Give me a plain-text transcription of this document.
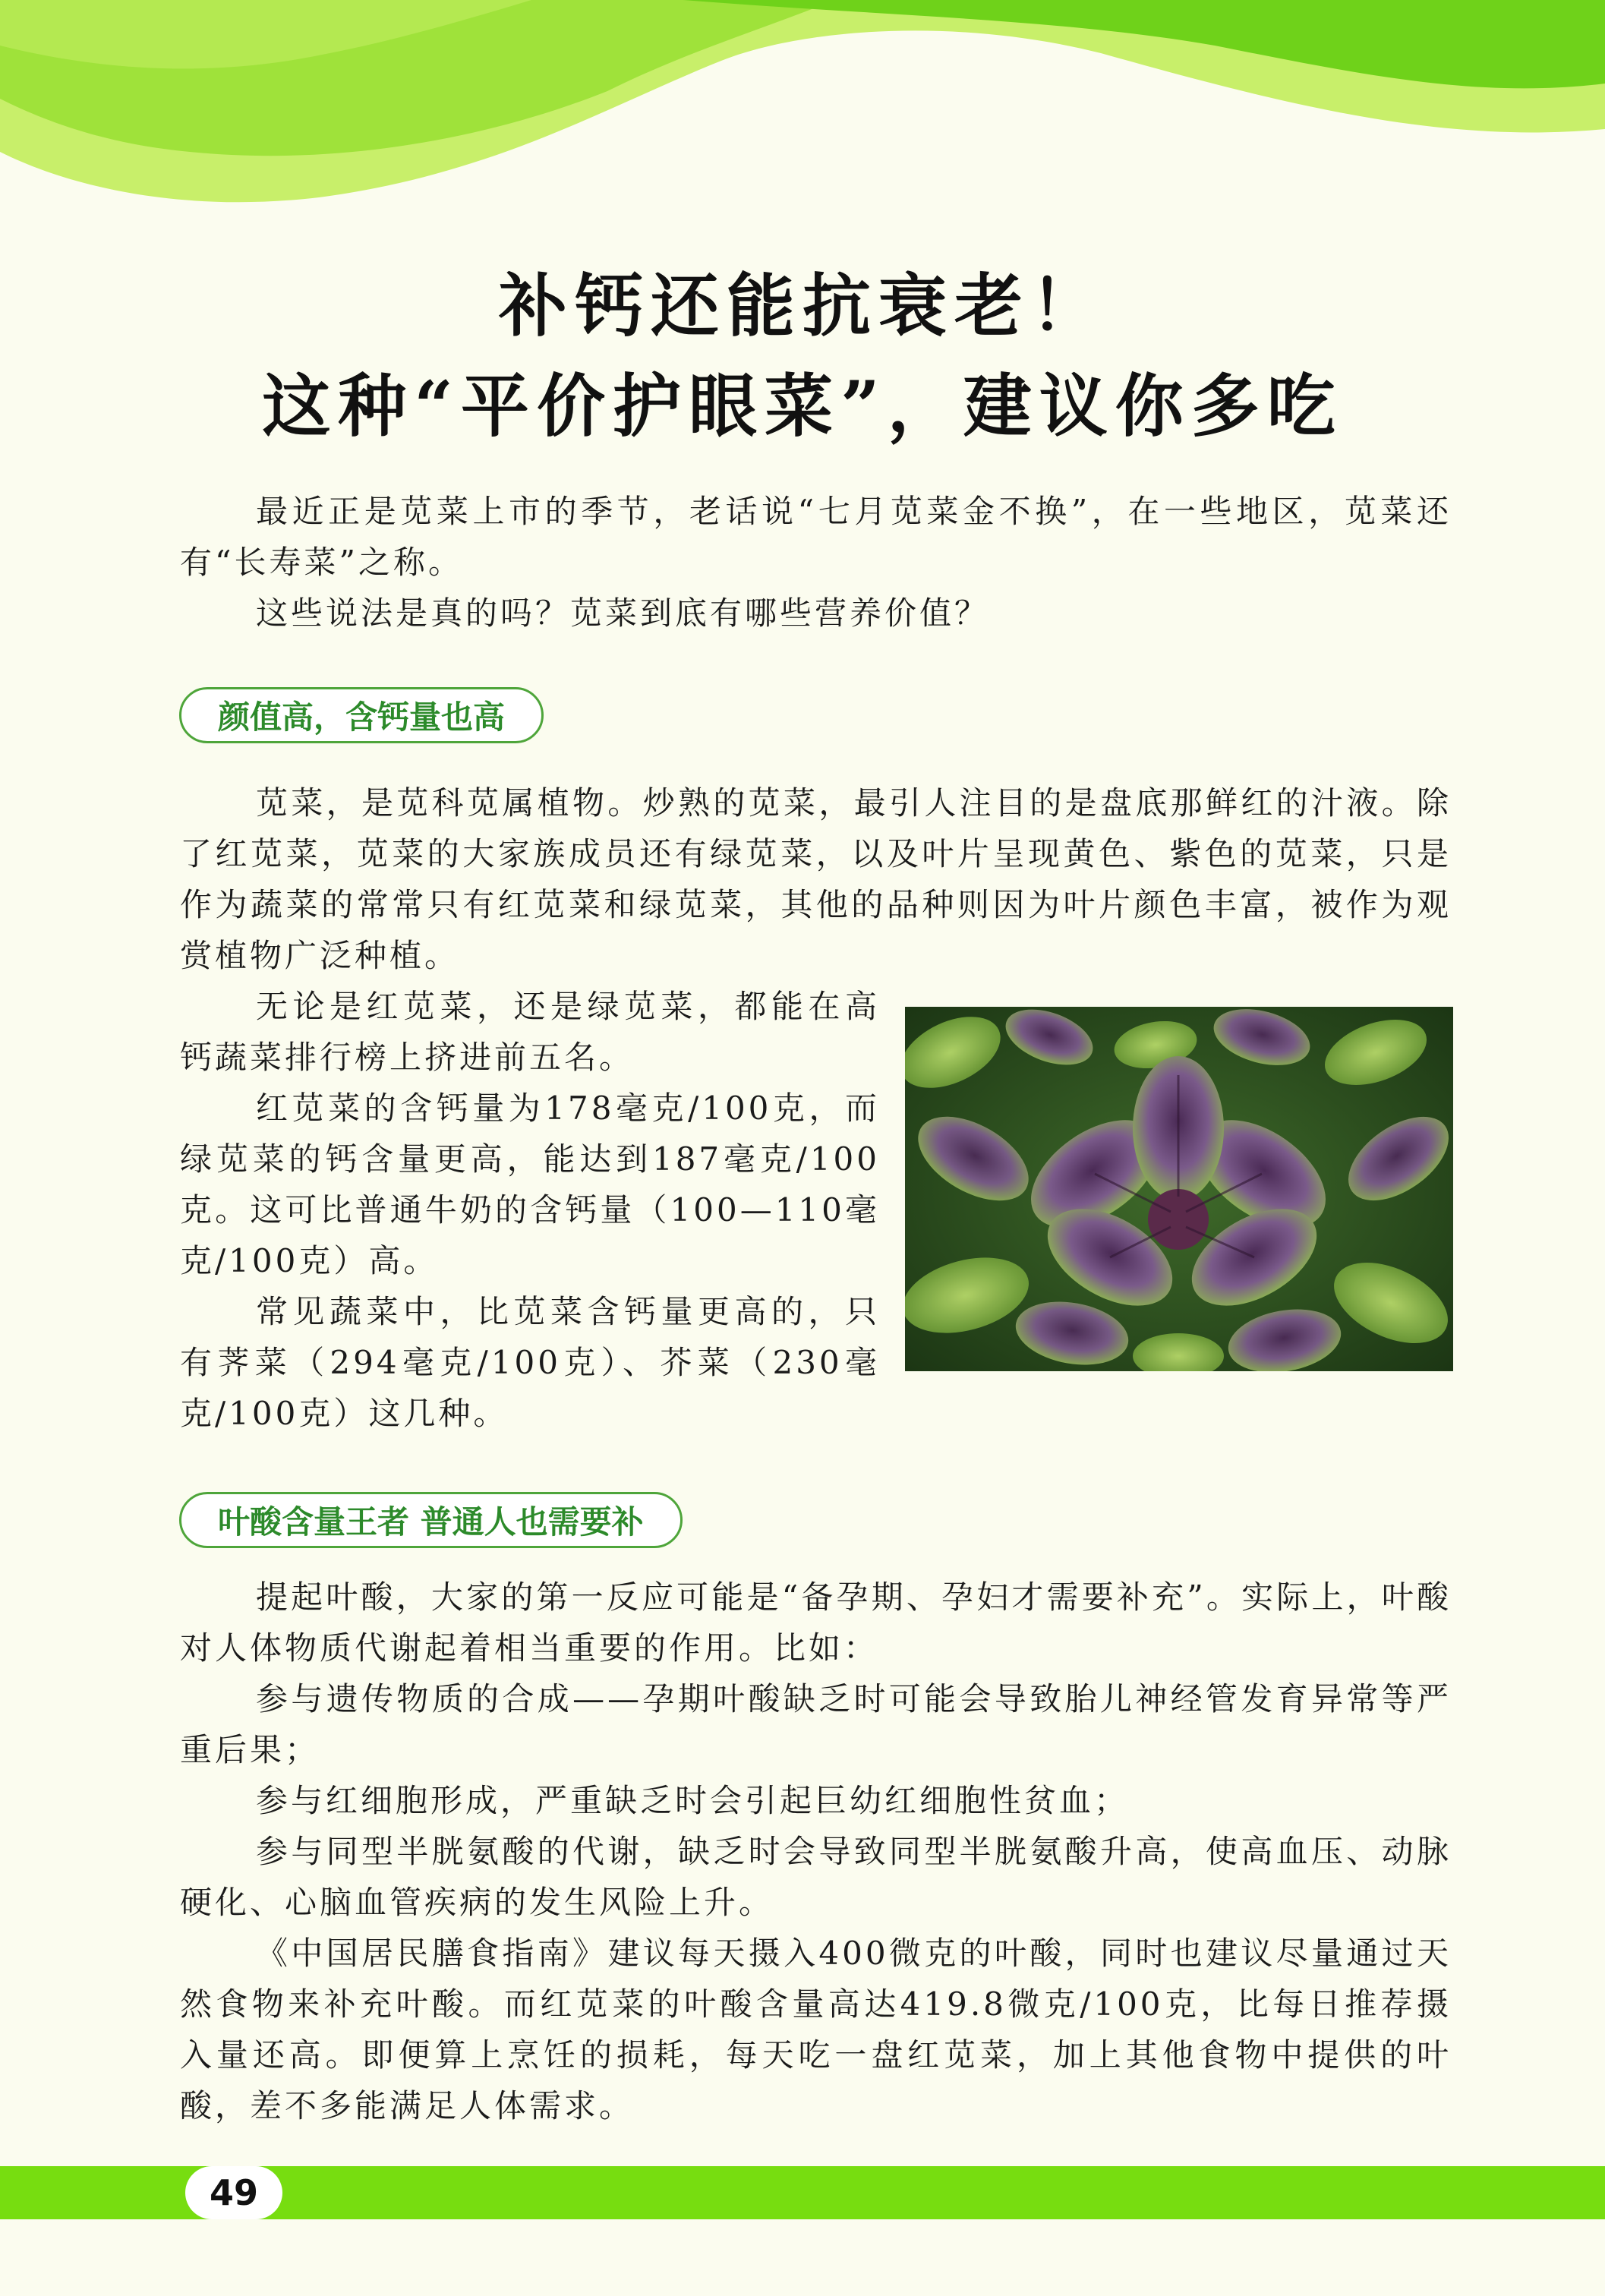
补钙还能抗衰老！
这种“平价护眼菜”，建议你多吃

最近正是苋菜上市的季节，老话说“七月苋菜金不换”，在一些地区，苋菜还有“长寿菜”之称。

这些说法是真的吗？苋菜到底有哪些营养价值？

颜值高，含钙量也高

苋菜，是苋科苋属植物。炒熟的苋菜，最引人注目的是盘底那鲜红的汁液。除了红苋菜，苋菜的大家族成员还有绿苋菜，以及叶片呈现黄色、紫色的苋菜，只是作为蔬菜的常常只有红苋菜和绿苋菜，其他的品种则因为叶片颜色丰富，被作为观赏植物广泛种植。

无论是红苋菜，还是绿苋菜，都能在高钙蔬菜排行榜上挤进前五名。

红苋菜的含钙量为178毫克/100克，而绿苋菜的钙含量更高，能达到187毫克/100克。这可比普通牛奶的含钙量（100—110毫克/100克）高。

常见蔬菜中，比苋菜含钙量更高的，只有荠菜（294毫克/100克）、芥菜（230毫克/100克）这几种。

叶酸含量王者 普通人也需要补

提起叶酸，大家的第一反应可能是“备孕期、孕妇才需要补充”。实际上，叶酸对人体物质代谢起着相当重要的作用。比如：

参与遗传物质的合成——孕期叶酸缺乏时可能会导致胎儿神经管发育异常等严重后果；

参与红细胞形成，严重缺乏时会引起巨幼红细胞性贫血；

参与同型半胱氨酸的代谢，缺乏时会导致同型半胱氨酸升高，使高血压、动脉硬化、心脑血管疾病的发生风险上升。

《中国居民膳食指南》建议每天摄入400微克的叶酸，同时也建议尽量通过天然食物来补充叶酸。而红苋菜的叶酸含量高达419.8微克/100克，比每日推荐摄入量还高。即便算上烹饪的损耗，每天吃一盘红苋菜，加上其他食物中提供的叶酸，差不多能满足人体需求。

49
